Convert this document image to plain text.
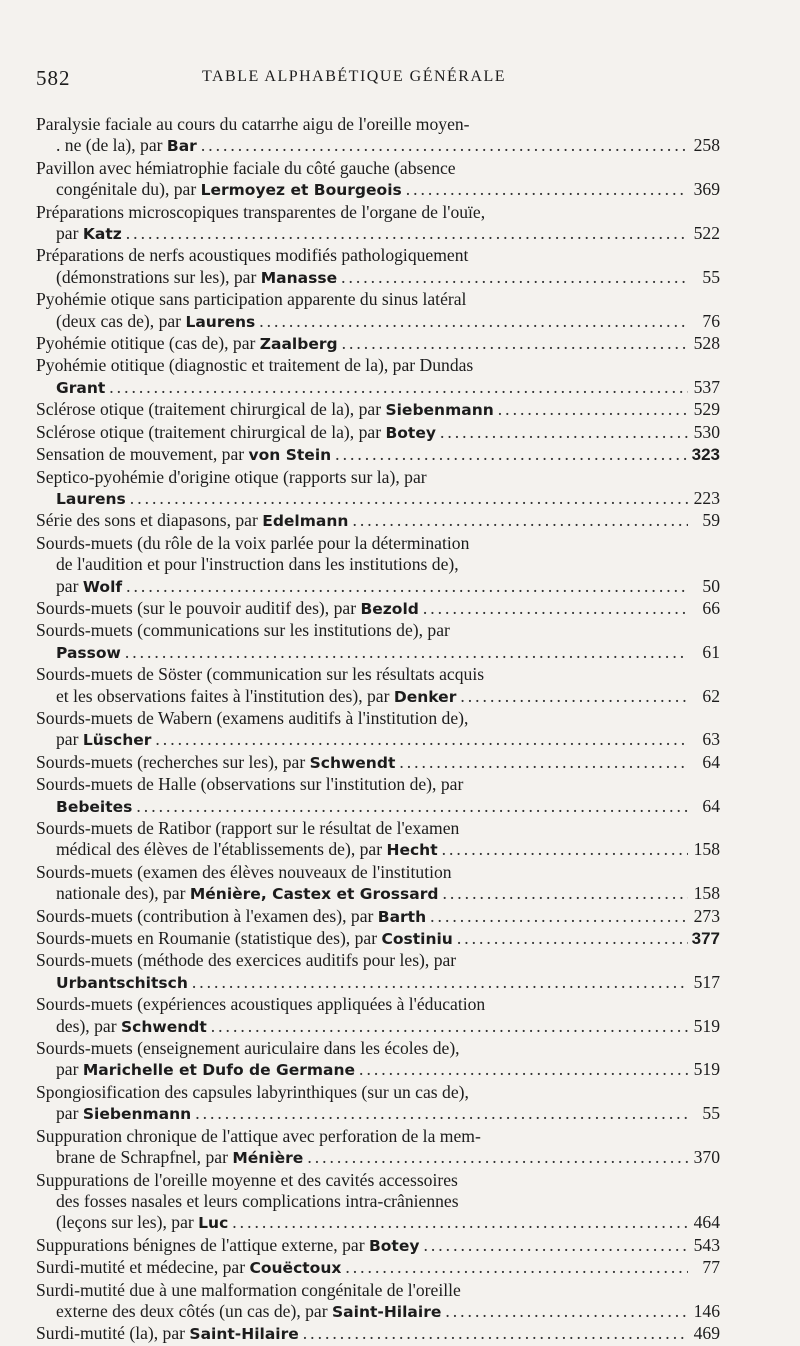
582	TABLE ALPHABÉTIQUE GÉNÉRALE
Paralysie faciale au cours du catarrhe aigu de l'oreille moyen-
. ne (de la), par Bar .....	258
Pavillon avec hémiatrophie faciale du côté gauche (absence
congénitale du), par Lermoyez et Bourgeois .....	369
Préparations microscopiques transparentes de l'organe de l'ouïe,
par Katz .....	522
Préparations de nerfs acoustiques modifiés pathologiquement
(démonstrations sur les), par Manasse .....	55
Pyohémie otique sans participation apparente du sinus latéral
(deux cas de), par Laurens .....	76
Pyohémie otitique (cas de), par Zaalberg .....	528
Pyohémie otitique (diagnostic et traitement de la), par Dundas
Grant .....	537
Sclérose otique (traitement chirurgical de la), par Siebenmann .....	529
Sclérose otique (traitement chirurgical de la), par Botey .....	530
Sensation de mouvement, par von Stein .....	323
Septico-pyohémie d'origine otique (rapports sur la), par
Laurens .....	223
Série des sons et diapasons, par Edelmann .....	59
Sourds-muets (du rôle de la voix parlée pour la détermination
de l'audition et pour l'instruction dans les institutions de),
par Wolf .....	50
Sourds-muets (sur le pouvoir auditif des), par Bezold .....	66
Sourds-muets (communications sur les institutions de), par
Passow .....	61
Sourds-muets de Söster (communication sur les résultats acquis
et les observations faites à l'institution des), par Denker .....	62
Sourds-muets de Wabern (examens auditifs à l'institution de),
par Lüscher .....	63
Sourds-muets (recherches sur les), par Schwendt .....	64
Sourds-muets de Halle (observations sur l'institution de), par
Bebeites .....	64
Sourds-muets de Ratibor (rapport sur le résultat de l'examen
médical des élèves de l'établissements de), par Hecht .....	158
Sourds-muets (examen des élèves nouveaux de l'institution
nationale des), par Ménière, Castex et Grossard .....	158
Sourds-muets (contribution à l'examen des), par Barth .....	273
Sourds-muets en Roumanie (statistique des), par Costiniu .....	377
Sourds-muets (méthode des exercices auditifs pour les), par
Urbantschitsch .....	517
Sourds-muets (expériences acoustiques appliquées à l'éducation
des), par Schwendt .....	519
Sourds-muets (enseignement auriculaire dans les écoles de),
par Marichelle et Dufo de Germane .....	519
Spongiosification des capsules labyrinthiques (sur un cas de),
par Siebenmann .....	55
Suppuration chronique de l'attique avec perforation de la mem-
brane de Schrapfnel, par Ménière .....	370
Suppurations de l'oreille moyenne et des cavités accessoires
des fosses nasales et leurs complications intra-crâniennes
(leçons sur les), par Luc .....	464
Suppurations bénignes de l'attique externe, par Botey .....	543
Surdi-mutité et médecine, par Couëctoux .....	77
Surdi-mutité due à une malformation congénitale de l'oreille
externe des deux côtés (un cas de), par Saint-Hilaire .....	146
Surdi-mutité (la), par Saint-Hilaire .....	469
